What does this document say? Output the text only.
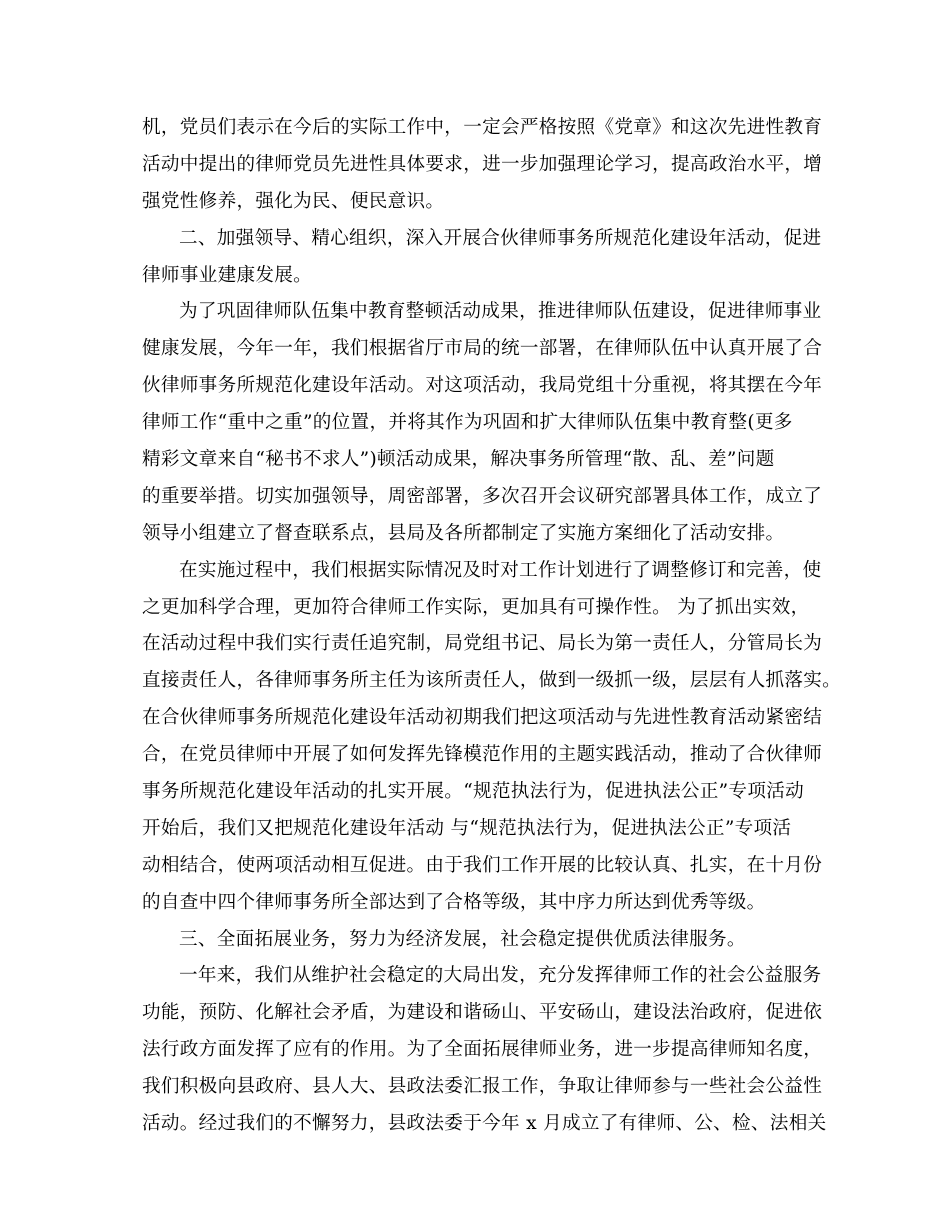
机，党员们表示在今后的实际工作中，一定会严格按照《党章》和这次先进性教育
活动中提出的律师党员先进性具体要求，进一步加强理论学习，提高政治水平，增
强党性修养，强化为民、便民意识。
二、加强领导、精心组织，深入开展合伙律师事务所规范化建设年活动，促进
律师事业建康发展。
为了巩固律师队伍集中教育整顿活动成果，推进律师队伍建设，促进律师事业
健康发展，今年一年，我们根据省厅市局的统一部署，在律师队伍中认真开展了合
伙律师事务所规范化建设年活动。对这项活动，我局党组十分重视，将其摆在今年
律师工作“重中之重”的位置，并将其作为巩固和扩大律师队伍集中教育整(更多
精彩文章来自“秘书不求人”)顿活动成果，解决事务所管理“散、乱、差”问题
的重要举措。切实加强领导，周密部署，多次召开会议研究部署具体工作，成立了
领导小组建立了督查联系点，县局及各所都制定了实施方案细化了活动安排。
在实施过程中，我们根据实际情况及时对工作计划进行了调整修订和完善，使
之更加科学合理，更加符合律师工作实际，更加具有可操作性。 为了抓出实效，
在活动过程中我们实行责任追究制，局党组书记、局长为第一责任人，分管局长为
直接责任人，各律师事务所主任为该所责任人，做到一级抓一级，层层有人抓落实。
在合伙律师事务所规范化建设年活动初期我们把这项活动与先进性教育活动紧密结
合，在党员律师中开展了如何发挥先锋模范作用的主题实践活动，推动了合伙律师
事务所规范化建设年活动的扎实开展。“规范执法行为，促进执法公正”专项活动
开始后，我们又把规范化建设年活动 与“规范执法行为，促进执法公正”专项活
动相结合，使两项活动相互促进。由于我们工作开展的比较认真、扎实，在十月份
的自查中四个律师事务所全部达到了合格等级，其中序力所达到优秀等级。
三、全面拓展业务，努力为经济发展，社会稳定提供优质法律服务。
一年来，我们从维护社会稳定的大局出发，充分发挥律师工作的社会公益服务
功能，预防、化解社会矛盾，为建设和谐砀山、平安砀山，建设法治政府，促进依
法行政方面发挥了应有的作用。为了全面拓展律师业务，进一步提高律师知名度，
我们积极向县政府、县人大、县政法委汇报工作，争取让律师参与一些社会公益性
活动。经过我们的不懈努力，县政法委于今年 x 月成立了有律师、公、检、法相关
